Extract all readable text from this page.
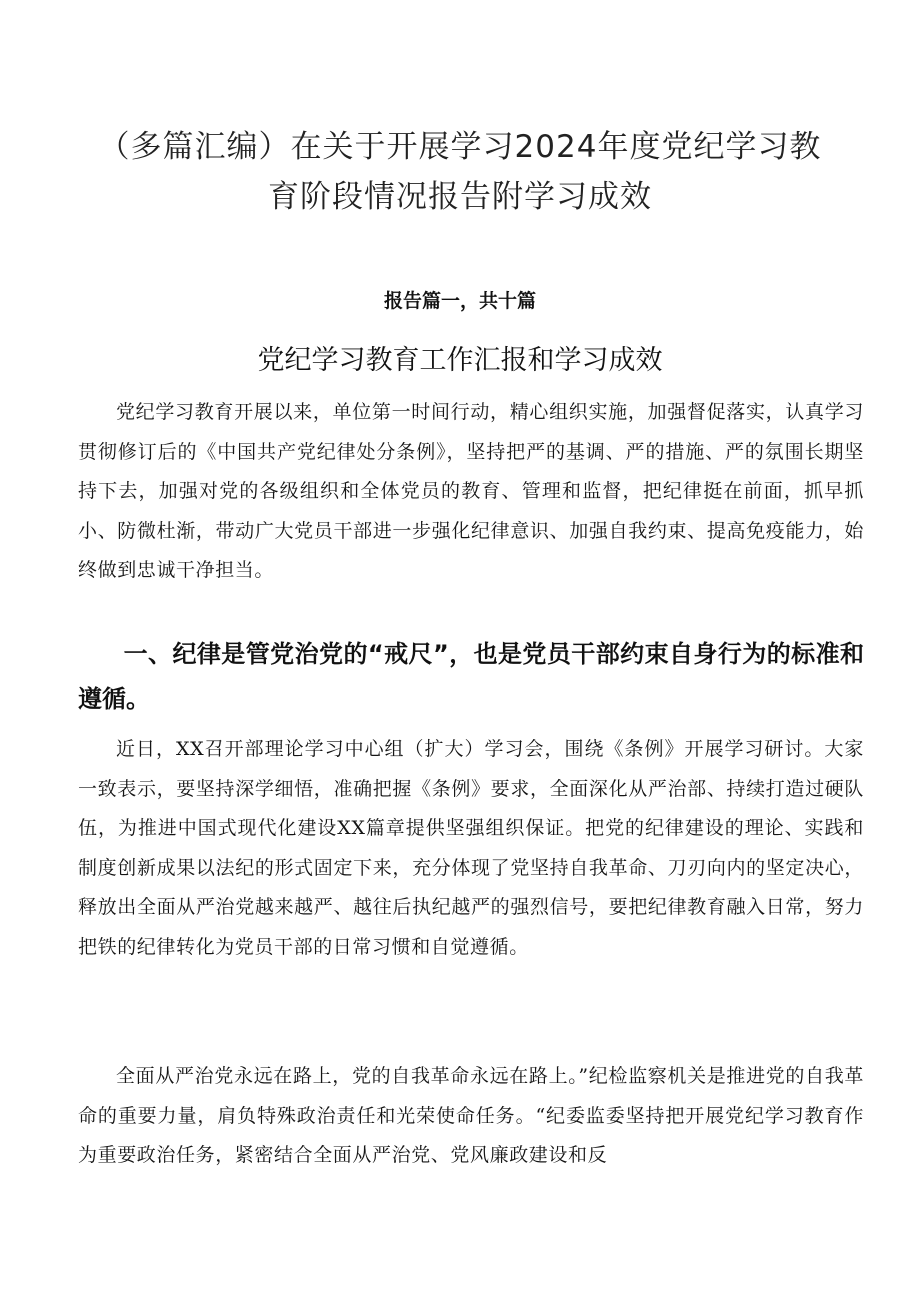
（多篇汇编）在关于开展学习2024年度党纪学习教
育阶段情况报告附学习成效
报告篇一，共十篇
党纪学习教育工作汇报和学习成效

党纪学习教育开展以来，单位第一时间行动，精心组织实施，加强督促落实，认真学习贯彻修订后的《中国共产党纪律处分条例》，坚持把严的基调、严的措施、严的氛围长期坚持下去，加强对党的各级组织和全体党员的教育、管理和监督，把纪律挺在前面，抓早抓小、防微杜渐，带动广大党员干部进一步强化纪律意识、加强自我约束、提高免疫能力，始终做到忠诚干净担当。

一、纪律是管党治党的“戒尺”，也是党员干部约束自身行为的标准和遵循。

近日，XX召开部理论学习中心组（扩大）学习会，围绕《条例》开展学习研讨。大家一致表示，要坚持深学细悟，准确把握《条例》要求，全面深化从严治部、持续打造过硬队伍，为推进中国式现代化建设XX篇章提供坚强组织保证。把党的纪律建设的理论、实践和制度创新成果以法纪的形式固定下来，充分体现了党坚持自我革命、刀刃向内的坚定决心，释放出全面从严治党越来越严、越往后执纪越严的强烈信号，要把纪律教育融入日常，努力把铁的纪律转化为党员干部的日常习惯和自觉遵循。

全面从严治党永远在路上，党的自我革命永远在路上。”纪检监察机关是推进党的自我革命的重要力量，肩负特殊政治责任和光荣使命任务。“纪委监委坚持把开展党纪学习教育作为重要政治任务，紧密结合全面从严治党、党风廉政建设和反
